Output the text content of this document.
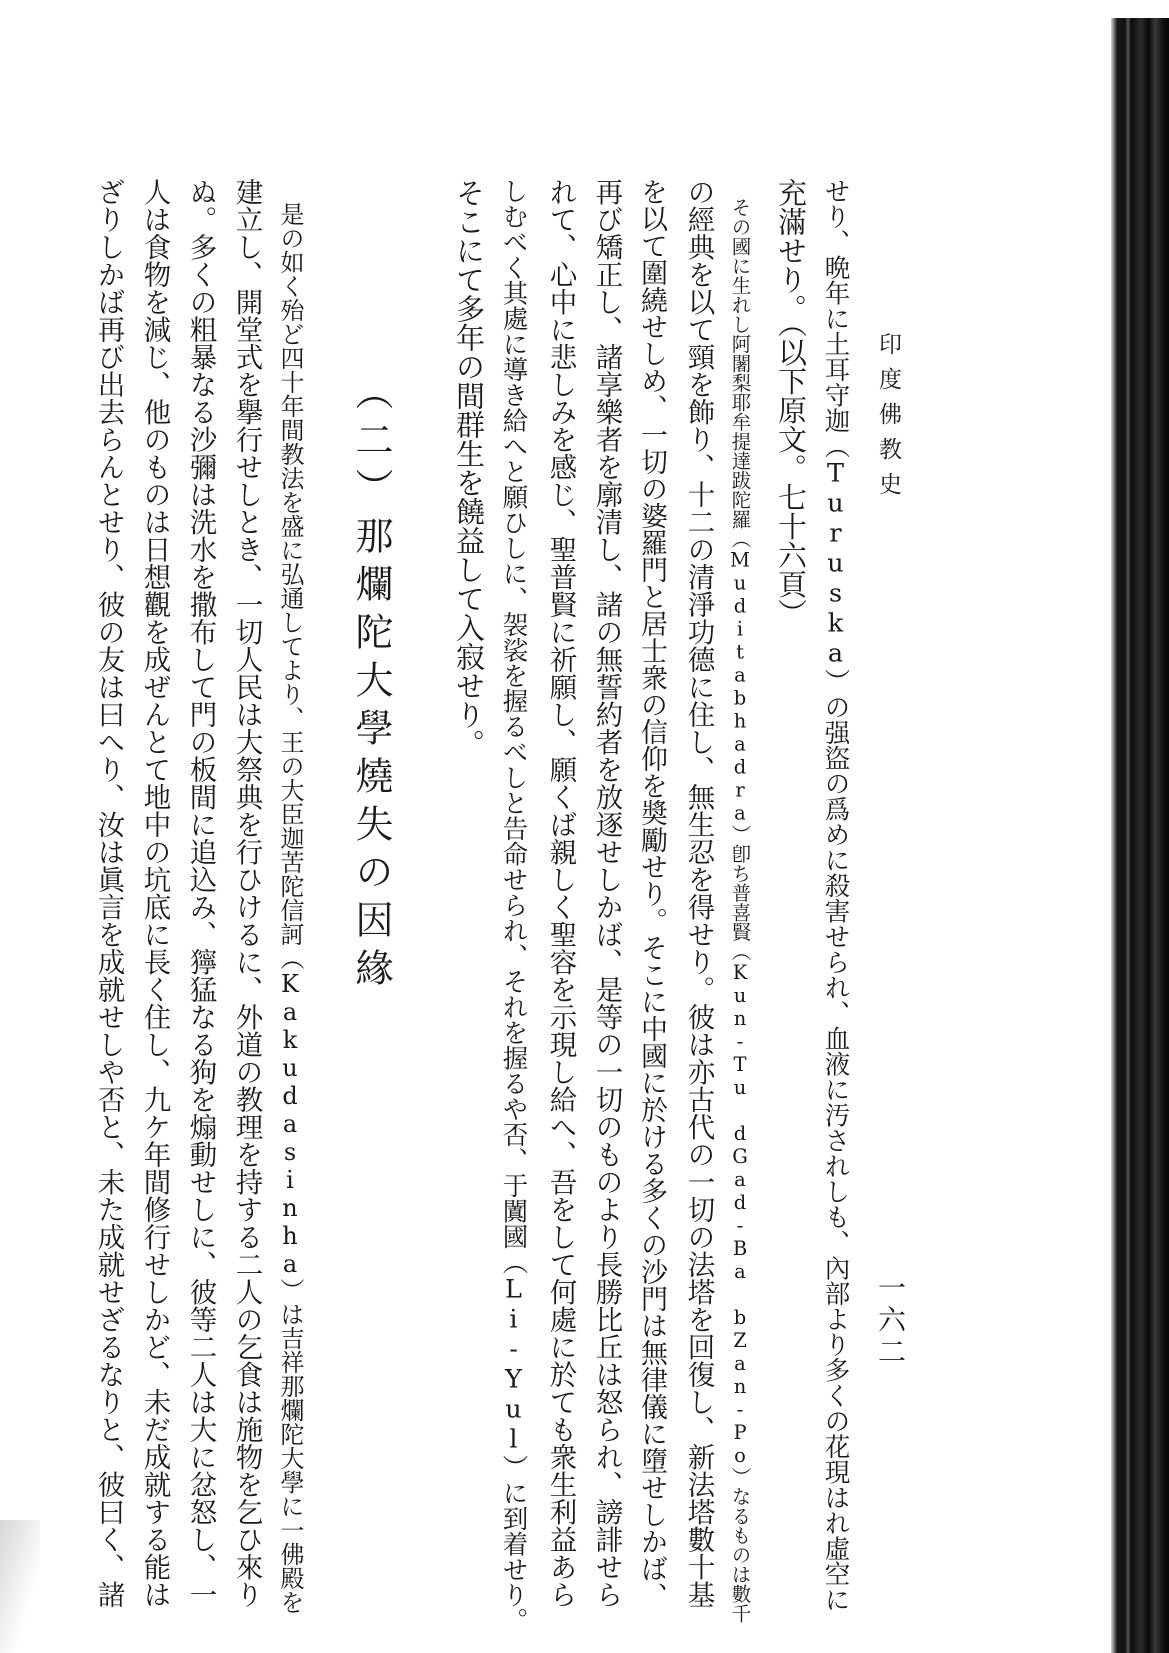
一六二
印度佛教史
せり、晩年に土耳守迦（Turuska）の强盜の爲めに殺害せられ、血液に汚されしも、內部より多くの花現はれ虛空に
充滿せり。（以下原文。七十六頁）
　その國に生れし阿闍梨耶牟提達跋陀羅（Muditabhadra）卽ち普喜賢（Kun-Tu dGad-Ba bZan-Po）なるものは數千
の經典を以て頸を飾り、十二の清淨功德に住し、無生忍を得せり。彼は亦古代の一切の法塔を回復し、新法塔數十基
を以て圍繞せしめ、一切の婆羅門と居士衆の信仰を奬勵せり。そこに中國に於ける多くの沙門は無律儀に墮せしかば、
再び矯正し、諸享樂者を廓清し、諸の無誓約者を放逐せしかば、是等の一切のものより長勝比丘は怒られ、謗誹せら
れて、心中に悲しみを感じ、聖普賢に祈願し、願くば親しく聖容を示現し給へ、吾をして何處に於ても衆生利益あら
しむべく其處に導き給へと願ひしに、袈裟を握るべしと告命せられ、それを握るや否、于闐國（Li-Yul）に到着せり。
そこにて多年の間群生を饒益して入寂せり。
（二）那爛陀大學燒失の因緣
　是の如く殆ど四十年間教法を盛に弘通してより、王の大臣迦苦陀信訶（Kakudasinha）は吉祥那爛陀大學に一佛殿を
建立し、開堂式を擧行せしとき、一切人民は大祭典を行ひけるに、外道の教理を持する二人の乞食は施物を乞ひ來り
ぬ。多くの粗暴なる沙彌は洗水を撒布して門の板間に追込み、獰猛なる狗を煽動せしに、彼等二人は大に忿怒し、一
人は食物を減じ、他のものは日想觀を成ぜんとて地中の坑底に長く住し、九ケ年間修行せしかど、未だ成就する能は
ざりしかば再び出去らんとせり、彼の友は曰へり、汝は眞言を成就せしや否と、未た成就せざるなりと、彼曰く、諸
